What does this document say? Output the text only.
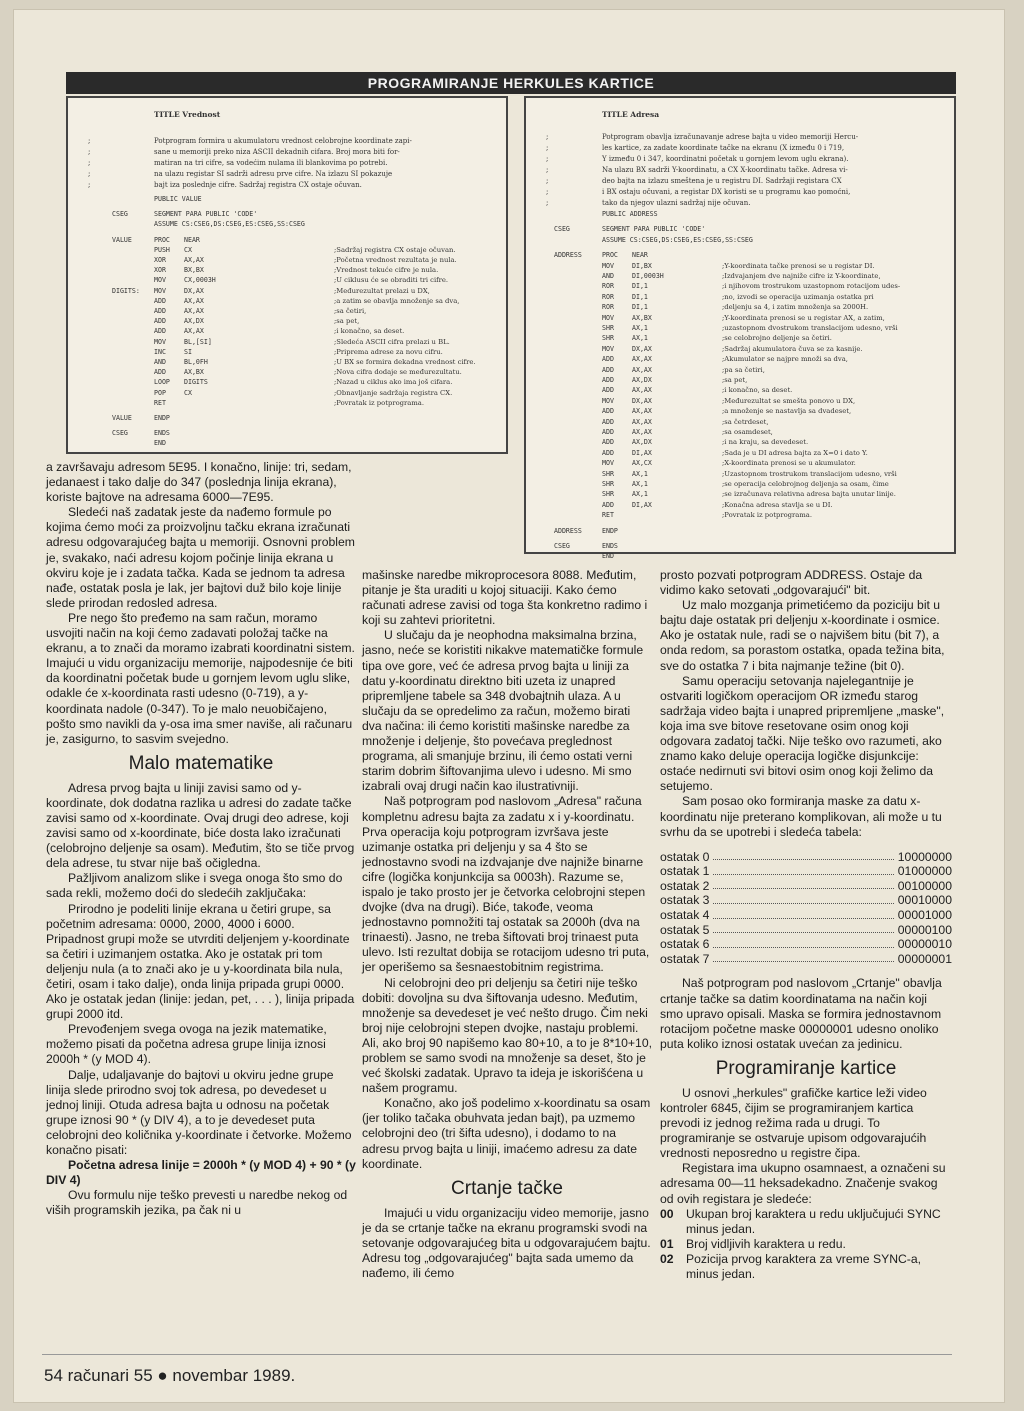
PROGRAMIRANJE HERKULES KARTICE
TITLE Vrednost
;	Potprogram formira u akumulatoru vrednost celobrojne koordinate zapi-
;	sane u memoriji preko niza ASCII dekadnih cifara. Broj mora biti for-
;	matiran na tri cifre, sa vodećim nulama ili blankovima po potrebi.
;	na ulazu registar SI sadrži adresu prve cifre. Na izlazu SI pokazuje
;	bajt iza poslednje cifre. Sadržaj registra CX ostaje očuvan.
PUBLIC VALUE
CSEG	SEGMENT PARA PUBLIC 'CODE'
ASSUME CS:CSEG,DS:CSEG,ES:CSEG,SS:CSEG
VALUE	PROC NEAR
PUSH CX	;Sadržaj registra CX ostaje očuvan.
XOR	AX,AX	;Početna vrednost rezultata je nula.
XOR	BX,BX	;Vrednost tekuće cifre je nula.
MOV	CX,0003H	;U ciklusu će se obraditi tri cifre.
DIGITS: MOV	DX,AX	;Međurezultat prelazi u DX,
ADD	AX,AX	;a zatim se obavlja množenje sa dva,
ADD	AX,AX	;sa četiri,
ADD	AX,DX	;sa pet,
ADD	AX,AX	;i konačno, sa deset.
MOV	BL,[SI]	;Sledeća ASCII cifra prelazi u BL.
INC	SI	;Priprema adrese za novu cifru.
AND	BL,0FH	;U BX se formira dekadna vrednost cifre.
ADD	AX,BX	;Nova cifra dodaje se međurezultatu.
LOOP DIGITS	;Nazad u ciklus ako ima još cifara.
POP	CX	;Obnavljanje sadržaja registra CX.
RET	;Povratak iz potprograma.
VALUE	ENDP
CSEG	ENDS
END
TITLE Adresa
;	Potprogram obavlja izračunavanje adrese bajta u video memoriji Hercu-
;	les kartice, za zadate koordinate tačke na ekranu (X između 0 i 719,
;	Y između 0 i 347, koordinatni početak u gornjem levom uglu ekrana).
;	Na ulazu BX sadrži Y-koordinatu, a CX X-koordinatu tačke. Adresa vi-
;	deo bajta na izlazu smeštena je u registru DI. Sadržaji registara CX
;	i BX ostaju očuvani, a registar DX koristi se u programu kao pomoćni,
;	tako da njegov ulazni sadržaj nije očuvan.
PUBLIC ADDRESS
CSEG	SEGMENT PARA PUBLIC 'CODE'
ASSUME CS:CSEG,DS:CSEG,ES:CSEG,SS:CSEG
ADDRESS	PROC NEAR
MOV	DI,BX	;Y-koordinata tačke prenosi se u registar DI.
AND	DI,0003H	;Izdvajanjem dve najniže cifre iz Y-koordinate,
ROR	DI,1	;i njihovom trostrukom uzastopnom rotacijom udes-
ROR	DI,1	;no, izvodi se operacija uzimanja ostatka pri
ROR	DI,1	;deljenju sa 4, i zatim množenja sa 2000H.
MOV	AX,BX	;Y-koordinata prenosi se u registar AX, a zatim,
SHR	AX,1	;uzastopnom dvostrukom translacijom udesno, vrši
SHR	AX,1	;se celobrojno deljenje sa četiri.
MOV	DX,AX	;Sadržaj akumulatora čuva se za kasnije.
ADD	AX,AX	;Akumulator se najpre množi sa dva,
ADD	AX,AX	;pa sa četiri,
ADD	AX,DX	;sa pet,
ADD	AX,AX	;i konačno, sa deset.
MOV	DX,AX	;Međurezultat se smešta ponovo u DX,
ADD	AX,AX	;a množenje se nastavlja sa dvadeset,
ADD	AX,AX	;sa četrdeset,
ADD	AX,AX	;sa osamdeset,
ADD	AX,DX	;i na kraju, sa devedeset.
ADD	DI,AX	;Sada je u DI adresa bajta za X=0 i dato Y.
MOV	AX,CX	;X-koordinata prenosi se u akumulator.
SHR	AX,1	;Uzastopnom trostrukom translacijom udesno, vrši
SHR	AX,1	;se operacija celobrojnog deljenja sa osam, čime
SHR	AX,1	;se izračunava relativna adresa bajta unutar linije.
ADD	DI,AX	;Konačna adresa stavlja se u DI.
RET	;Povratak iz potprograma.
ADDRESS	ENDP
CSEG	ENDS
END

a završavaju adresom 5E95. I konačno, linije: tri, sedam, jedanaest i tako dalje do 347 (poslednja linija ekrana), koriste bajtove na adresama 6000—7E95.

Sledeći naš zadatak jeste da nađemo formule po kojima ćemo moći za proizvoljnu tačku ekrana izračunati adresu odgovarajućeg bajta u memoriji. Osnovni problem je, svakako, naći adresu kojom počinje linija ekrana u okviru koje je i zadata tačka. Kada se jednom ta adresa nađe, ostatak posla je lak, jer bajtovi duž bilo koje linije slede prirodan redosled adresa.

Pre nego što pređemo na sam račun, moramo usvojiti način na koji ćemo zadavati položaj tačke na ekranu, a to znači da moramo izabrati koordinatni sistem. Imajući u vidu organizaciju memorije, najpodesnije će biti da koordinatni početak bude u gornjem levom uglu slike, odakle će x-koordinata rasti udesno (0-719), a y-koordinata nadole (0-347). To je malo neuobičajeno, pošto smo navikli da y-osa ima smer naviše, ali računaru je, zasigurno, to sasvim svejedno.

Malo matematike

Adresa prvog bajta u liniji zavisi samo od y-koordinate, dok dodatna razlika u adresi do zadate tačke zavisi samo od x-koordinate. Ovaj drugi deo adrese, koji zavisi samo od x-koordinate, biće dosta lako izračunati (celobrojno deljenje sa osam). Međutim, što se tiče prvog dela adrese, tu stvar nije baš očigledna.

Pažljivom analizom slike i svega onoga što smo do sada rekli, možemo doći do sledećih zaključaka:

Prirodno je podeliti linije ekrana u četiri grupe, sa početnim adresama: 0000, 2000, 4000 i 6000. Pripadnost grupi može se utvrditi deljenjem y-koordinate sa četiri i uzimanjem ostatka. Ako je ostatak pri tom deljenju nula (a to znači ako je u y-koordinata bila nula, četiri, osam i tako dalje), onda linija pripada grupi 0000. Ako je ostatak jedan (linije: jedan, pet, . . . ), linija pripada grupi 2000 itd.

Prevođenjem svega ovoga na jezik matematike, možemo pisati da početna adresa grupe linija iznosi 2000h * (y MOD 4).

Dalje, udaljavanje do bajtovi u okviru jedne grupe linija slede prirodno svoj tok adresa, po devedeset u jednoj liniji. Otuda adresa bajta u odnosu na početak grupe iznosi 90 * (y DIV 4), a to je devedeset puta celobrojni deo količnika y-koordinate i četvorke. Možemo konačno pisati:

Početna adresa linije = 2000h * (y MOD 4) + 90 * (y DIV 4)

Ovu formulu nije teško prevesti u naredbe nekog od viših programskih jezika, pa čak ni u

mašinske naredbe mikroprocesora 8088. Međutim, pitanje je šta uraditi u kojoj situaciji. Kako ćemo računati adrese zavisi od toga šta konkretno radimo i koji su zahtevi prioritetni.

U slučaju da je neophodna maksimalna brzina, jasno, neće se koristiti nikakve matematičke formule tipa ove gore, već će adresa prvog bajta u liniji za datu y-koordinatu direktno biti uzeta iz unapred pripremljene tabele sa 348 dvobajtnih ulaza. A u slučaju da se opredelimo za račun, možemo birati dva načina: ili ćemo koristiti mašinske naredbe za množenje i deljenje, što povećava preglednost programa, ali smanjuje brzinu, ili ćemo ostati verni starim dobrim šiftovanjima ulevo i udesno. Mi smo izabrali ovaj drugi način kao ilustrativniji.

Naš potprogram pod naslovom „Adresa" računa kompletnu adresu bajta za zadatu x i y-koordinatu. Prva operacija koju potprogram izvršava jeste uzimanje ostatka pri deljenju y sa 4 što se jednostavno svodi na izdvajanje dve najniže binarne cifre (logička konjunkcija sa 0003h). Razume se, ispalo je tako prosto jer je četvorka celobrojni stepen dvojke (dva na drugi). Biće, takođe, veoma jednostavno pomnožiti taj ostatak sa 2000h (dva na trinaesti). Jasno, ne treba šiftovati broj trinaest puta ulevo. Isti rezultat dobija se rotacijom udesno tri puta, jer operišemo sa šesnaestobitnim registrima.

Ni celobrojni deo pri deljenju sa četiri nije teško dobiti: dovoljna su dva šiftovanja udesno. Međutim, množenje sa devedeset je već nešto drugo. Čim neki broj nije celobrojni stepen dvojke, nastaju problemi. Ali, ako broj 90 napišemo kao 80+10, a to je 8*10+10, problem se samo svodi na množenje sa deset, što je već školski zadatak. Upravo ta ideja je iskorišćena u našem programu.

Konačno, ako još podelimo x-koordinatu sa osam (jer toliko tačaka obuhvata jedan bajt), pa uzmemo celobrojni deo (tri šifta udesno), i dodamo to na adresu prvog bajta u liniji, imaćemo adresu za date koordinate.

Crtanje tačke

Imajući u vidu organizaciju video memorije, jasno je da se crtanje tačke na ekranu programski svodi na setovanje odgovarajućeg bita u odgovarajućem bajtu. Adresu tog „odgovarajućeg" bajta sada umemo da nađemo, ili ćemo

prosto pozvati potprogram ADDRESS. Ostaje da vidimo kako setovati „odgovarajući" bit.

Uz malo mozganja primetićemo da poziciju bit u bajtu daje ostatak pri deljenju x-koordinate i osmice. Ako je ostatak nule, radi se o najvišem bitu (bit 7), a onda redom, sa porastom ostatka, opada težina bita, sve do ostatka 7 i bita najmanje težine (bit 0).

Samu operaciju setovanja najelegantnije je ostvariti logičkom operacijom OR između starog sadržaja video bajta i unapred pripremljene „maske", koja ima sve bitove resetovane osim onog koji odgovara zadatoj tački. Nije teško ovo razumeti, ako znamo kako deluje operacija logičke disjunkcije: ostaće nedirnuti svi bitovi osim onog koji želimo da setujemo.

Sam posao oko formiranja maske za datu x-koordinatu nije preterano komplikovan, ali može u tu svrhu da se upotrebi i sledeća tabela:

ostatak 0	10000000
ostatak 1	01000000
ostatak 2	00100000
ostatak 3	00010000
ostatak 4	00001000
ostatak 5	00000100
ostatak 6	00000010
ostatak 7	00000001

Naš potprogram pod naslovom „Crtanje" obavlja crtanje tačke sa datim koordinatama na način koji smo upravo opisali. Maska se formira jednostavnom rotacijom početne maske 00000001 udesno onoliko puta koliko iznosi ostatak uvećan za jedinicu.

Programiranje kartice

U osnovi „herkules" grafičke kartice leži video kontroler 6845, čijim se programiranjem kartica prevodi iz jednog režima rada u drugi. To programiranje se ostvaruje upisom odgovarajućih vrednosti neposredno u registre čipa.

Registara ima ukupno osamnaest, a označeni su adresama 00—11 heksadekadno. Značenje svakog od ovih registara je sledeće:

00	Ukupan broj karaktera u redu uključujući SYNC minus jedan.
01	Broj vidljivih karaktera u redu.
02	Pozicija prvog karaktera za vreme SYNC-a, minus jedan.
54 računari 55 ● novembar 1989.
